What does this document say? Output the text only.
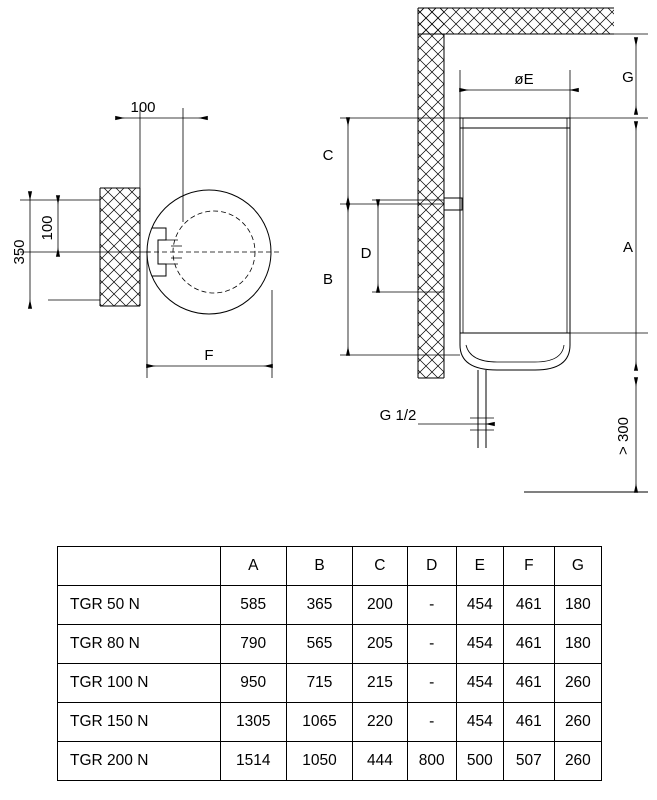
100
350
100
F
øE	G
A
> 300
C
B
D
G 1/2
	A	B	C	D	E	F	G
TGR 50 N	585	365	200	-	454	461	180
TGR 80 N	790	565	205	-	454	461	180
TGR 100 N	950	715	215	-	454	461	260
TGR 150 N	1305	1065	220	-	454	461	260
TGR 200 N	1514	1050	444	800	500	507	260
